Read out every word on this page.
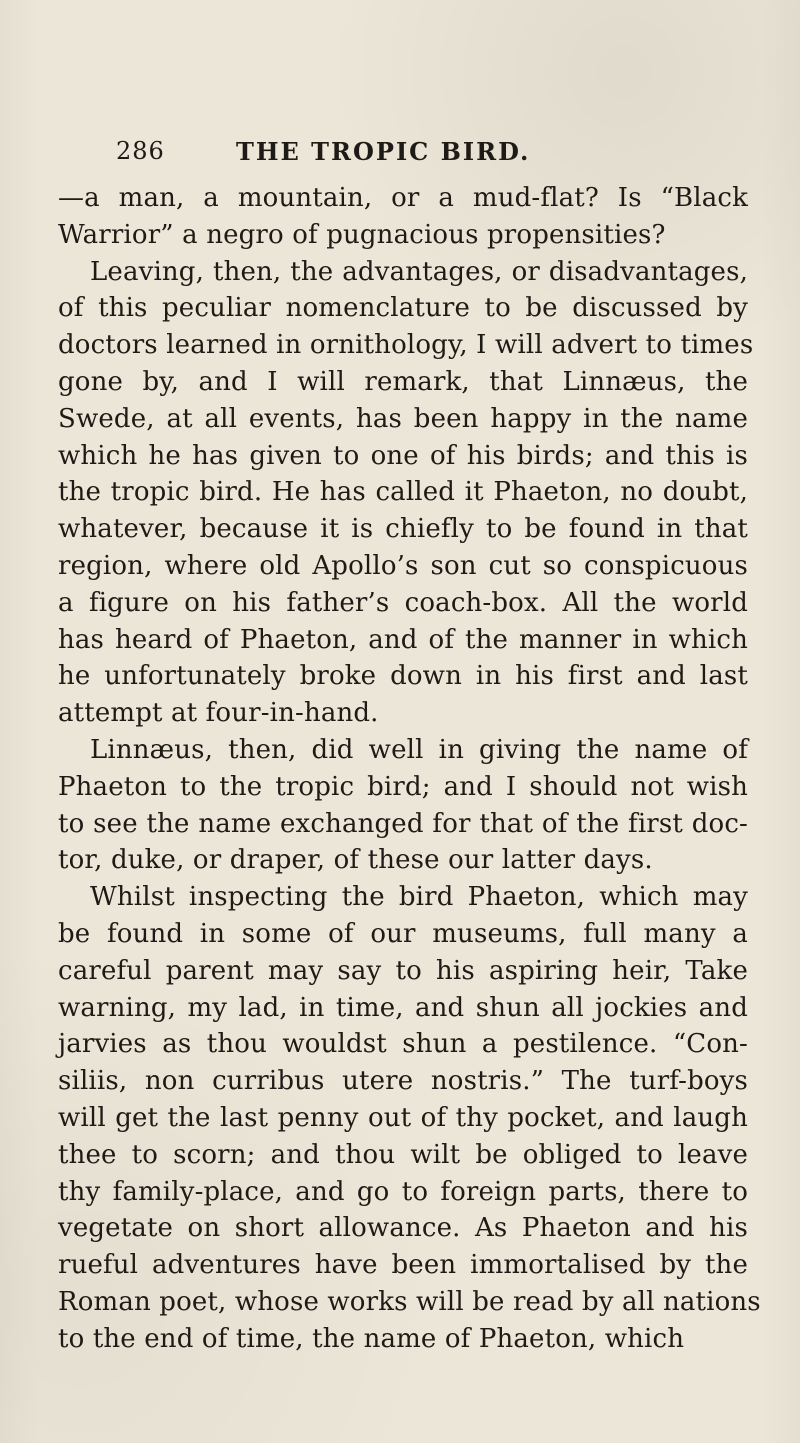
286	THE TROPIC BIRD.
—a man, a mountain, or a mud-flat? Is “Black
Warrior” a negro of pugnacious propensities?
Leaving, then, the advantages, or disadvantages,
of this peculiar nomenclature to be discussed by
doctors learned in ornithology, I will advert to times
gone by, and I will remark, that Linnæus, the
Swede, at all events, has been happy in the name
which he has given to one of his birds; and this is
the tropic bird. He has called it Phaeton, no doubt,
whatever, because it is chiefly to be found in that
region, where old Apollo’s son cut so conspicuous
a figure on his father’s coach-box. All the world
has heard of Phaeton, and of the manner in which
he unfortunately broke down in his first and last
attempt at four-in-hand.
Linnæus, then, did well in giving the name of
Phaeton to the tropic bird; and I should not wish
to see the name exchanged for that of the first doc-
tor, duke, or draper, of these our latter days.
Whilst inspecting the bird Phaeton, which may
be found in some of our museums, full many a
careful parent may say to his aspiring heir, Take
warning, my lad, in time, and shun all jockies and
jarvies as thou wouldst shun a pestilence. “Con-
siliis, non curribus utere nostris.” The turf-boys
will get the last penny out of thy pocket, and laugh
thee to scorn; and thou wilt be obliged to leave
thy family-place, and go to foreign parts, there to
vegetate on short allowance. As Phaeton and his
rueful adventures have been immortalised by the
Roman poet, whose works will be read by all nations
to the end of time, the name of Phaeton, which
